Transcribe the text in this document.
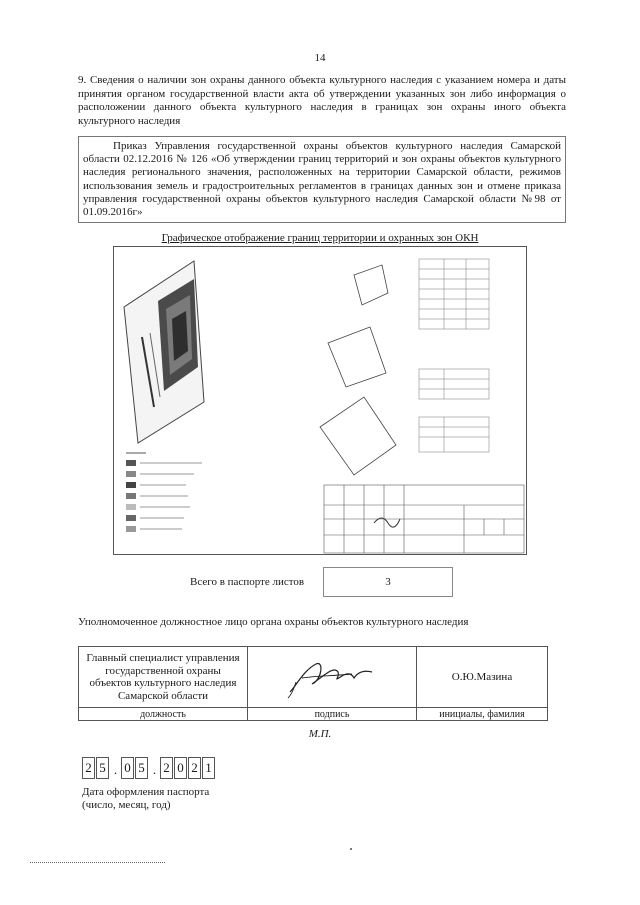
14
9. Сведения о наличии зон охраны данного объекта культурного наследия с указанием номера и даты принятия органом государственной власти акта об утверждении указанных зон либо информация о расположении данного объекта культурного наследия в границах зон охраны иного объекта культурного наследия
Приказ Управления государственной охраны объектов культурного наследия Самарской области 02.12.2016 № 126 «Об утверждении границ территорий и зон охраны объектов культурного наследия регионального значения, расположенных на территории Самарской области, режимов использования земель и градостроительных регламентов в границах данных зон и отмене приказа управления государственной охраны объектов культурного наследия Самарской области №98 от 01.09.2016г»
Графическое отображение границ территории и охранных зон ОКН
Всего в паспорте листов	3
Уполномоченное должностное лицо органа охраны объектов культурного наследия
Главный специалист управления государственной охраны объектов культурного наследия Самарской области		О.Ю.Мазина
должность	подпись	инициалы, фамилия
М.П.
2 5 . 0 5 . 2 0 2 1
Дата оформления паспорта
(число, месяц, год)
